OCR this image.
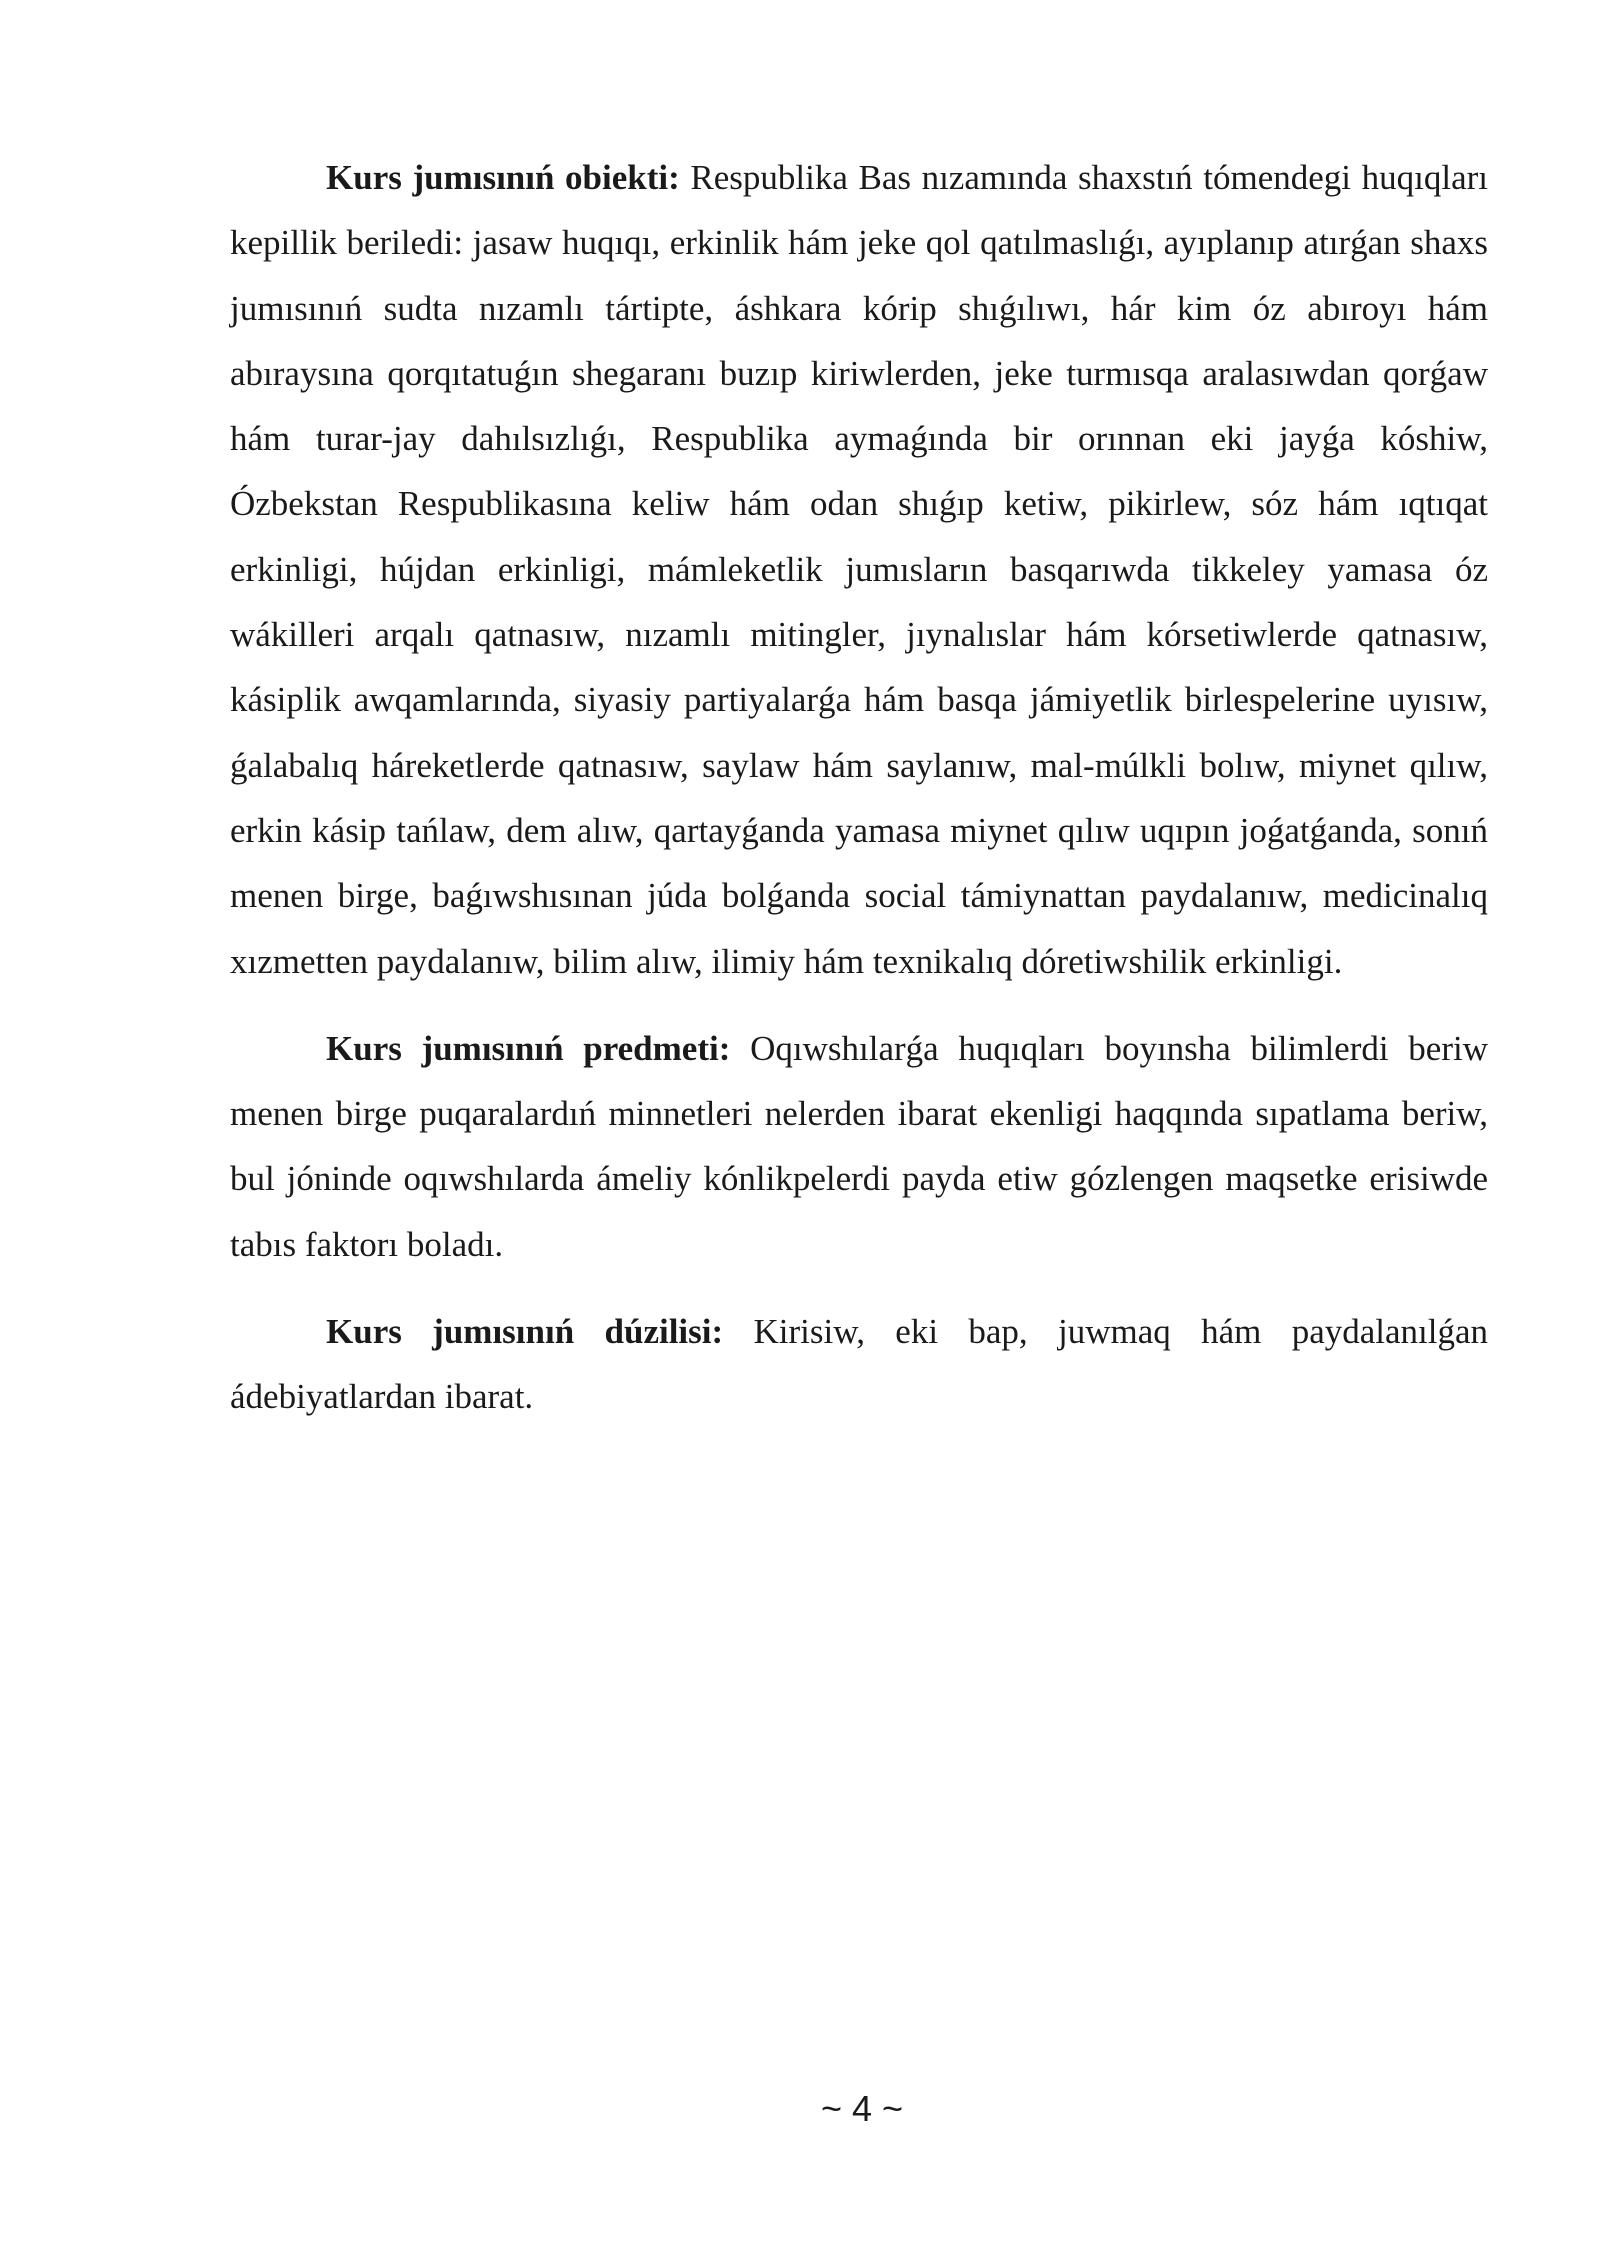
Kurs jumısınıń obiekti: Respublika Bas nızamında shaxstıń tómendegi huqıqları kepillik beriledi: jasaw huqıqı, erkinlik hám jeke qol qatılmaslıǵı, ayıplanıp atırǵan shaxs jumısınıń sudta nızamlı tártipte, áshkara kórip shıǵılıwı, hár kim óz abıroyı hám abıraysına qorqıtatuǵın shegaranı buzıp kiriwlerden, jeke turmısqa aralasıwdan qorǵaw hám turar-jay dahılsızlıǵı, Respublika aymaǵında bir orınnan eki jayǵa kóshiw, Ózbekstan Respublikasına keliw hám odan shıǵıp ketiw, pikirlew, sóz hám ıqtıqat erkinligi, hújdan erkinligi, mámleketlik jumısların basqarıwda tikkeley yamasa óz wákilleri arqalı qatnasıw, nızamlı mitingler, jıynalıslar hám kórsetiwlerde qatnasıw, kásiplik awqamlarında, siyasiy partiyalarǵa hám basqa jámiyetlik birlespelerine uyısıw, ǵalabalıq háreketlerde qatnasıw, saylaw hám saylanıw, mal-múlkli bolıw, miynet qılıw, erkin kásip tańlaw, dem alıw, qartayǵanda yamasa miynet qılıw uqıpın joǵatǵanda, sonıń menen birge, baǵıwshısınan júda bolǵanda social támiynattan paydalanıw, medicinalıq xızmetten paydalanıw, bilim alıw, ilimiy hám texnikalıq dóretiwshilik erkinligi.

Kurs jumısınıń predmeti: Oqıwshılarǵa huqıqları boyınsha bilimlerdi beriw menen birge puqaralardıń minnetleri nelerden ibarat ekenligi haqqında sıpatlama beriw, bul jóninde oqıwshılarda ámeliy kónlikpelerdi payda etiw gózlengen maqsetke erisiwde tabıs faktorı boladı.

Kurs jumısınıń dúzilisi: Kirisiw, eki bap, juwmaq hám paydalanılǵan ádebiyatlardan ibarat.

~ 4 ~
